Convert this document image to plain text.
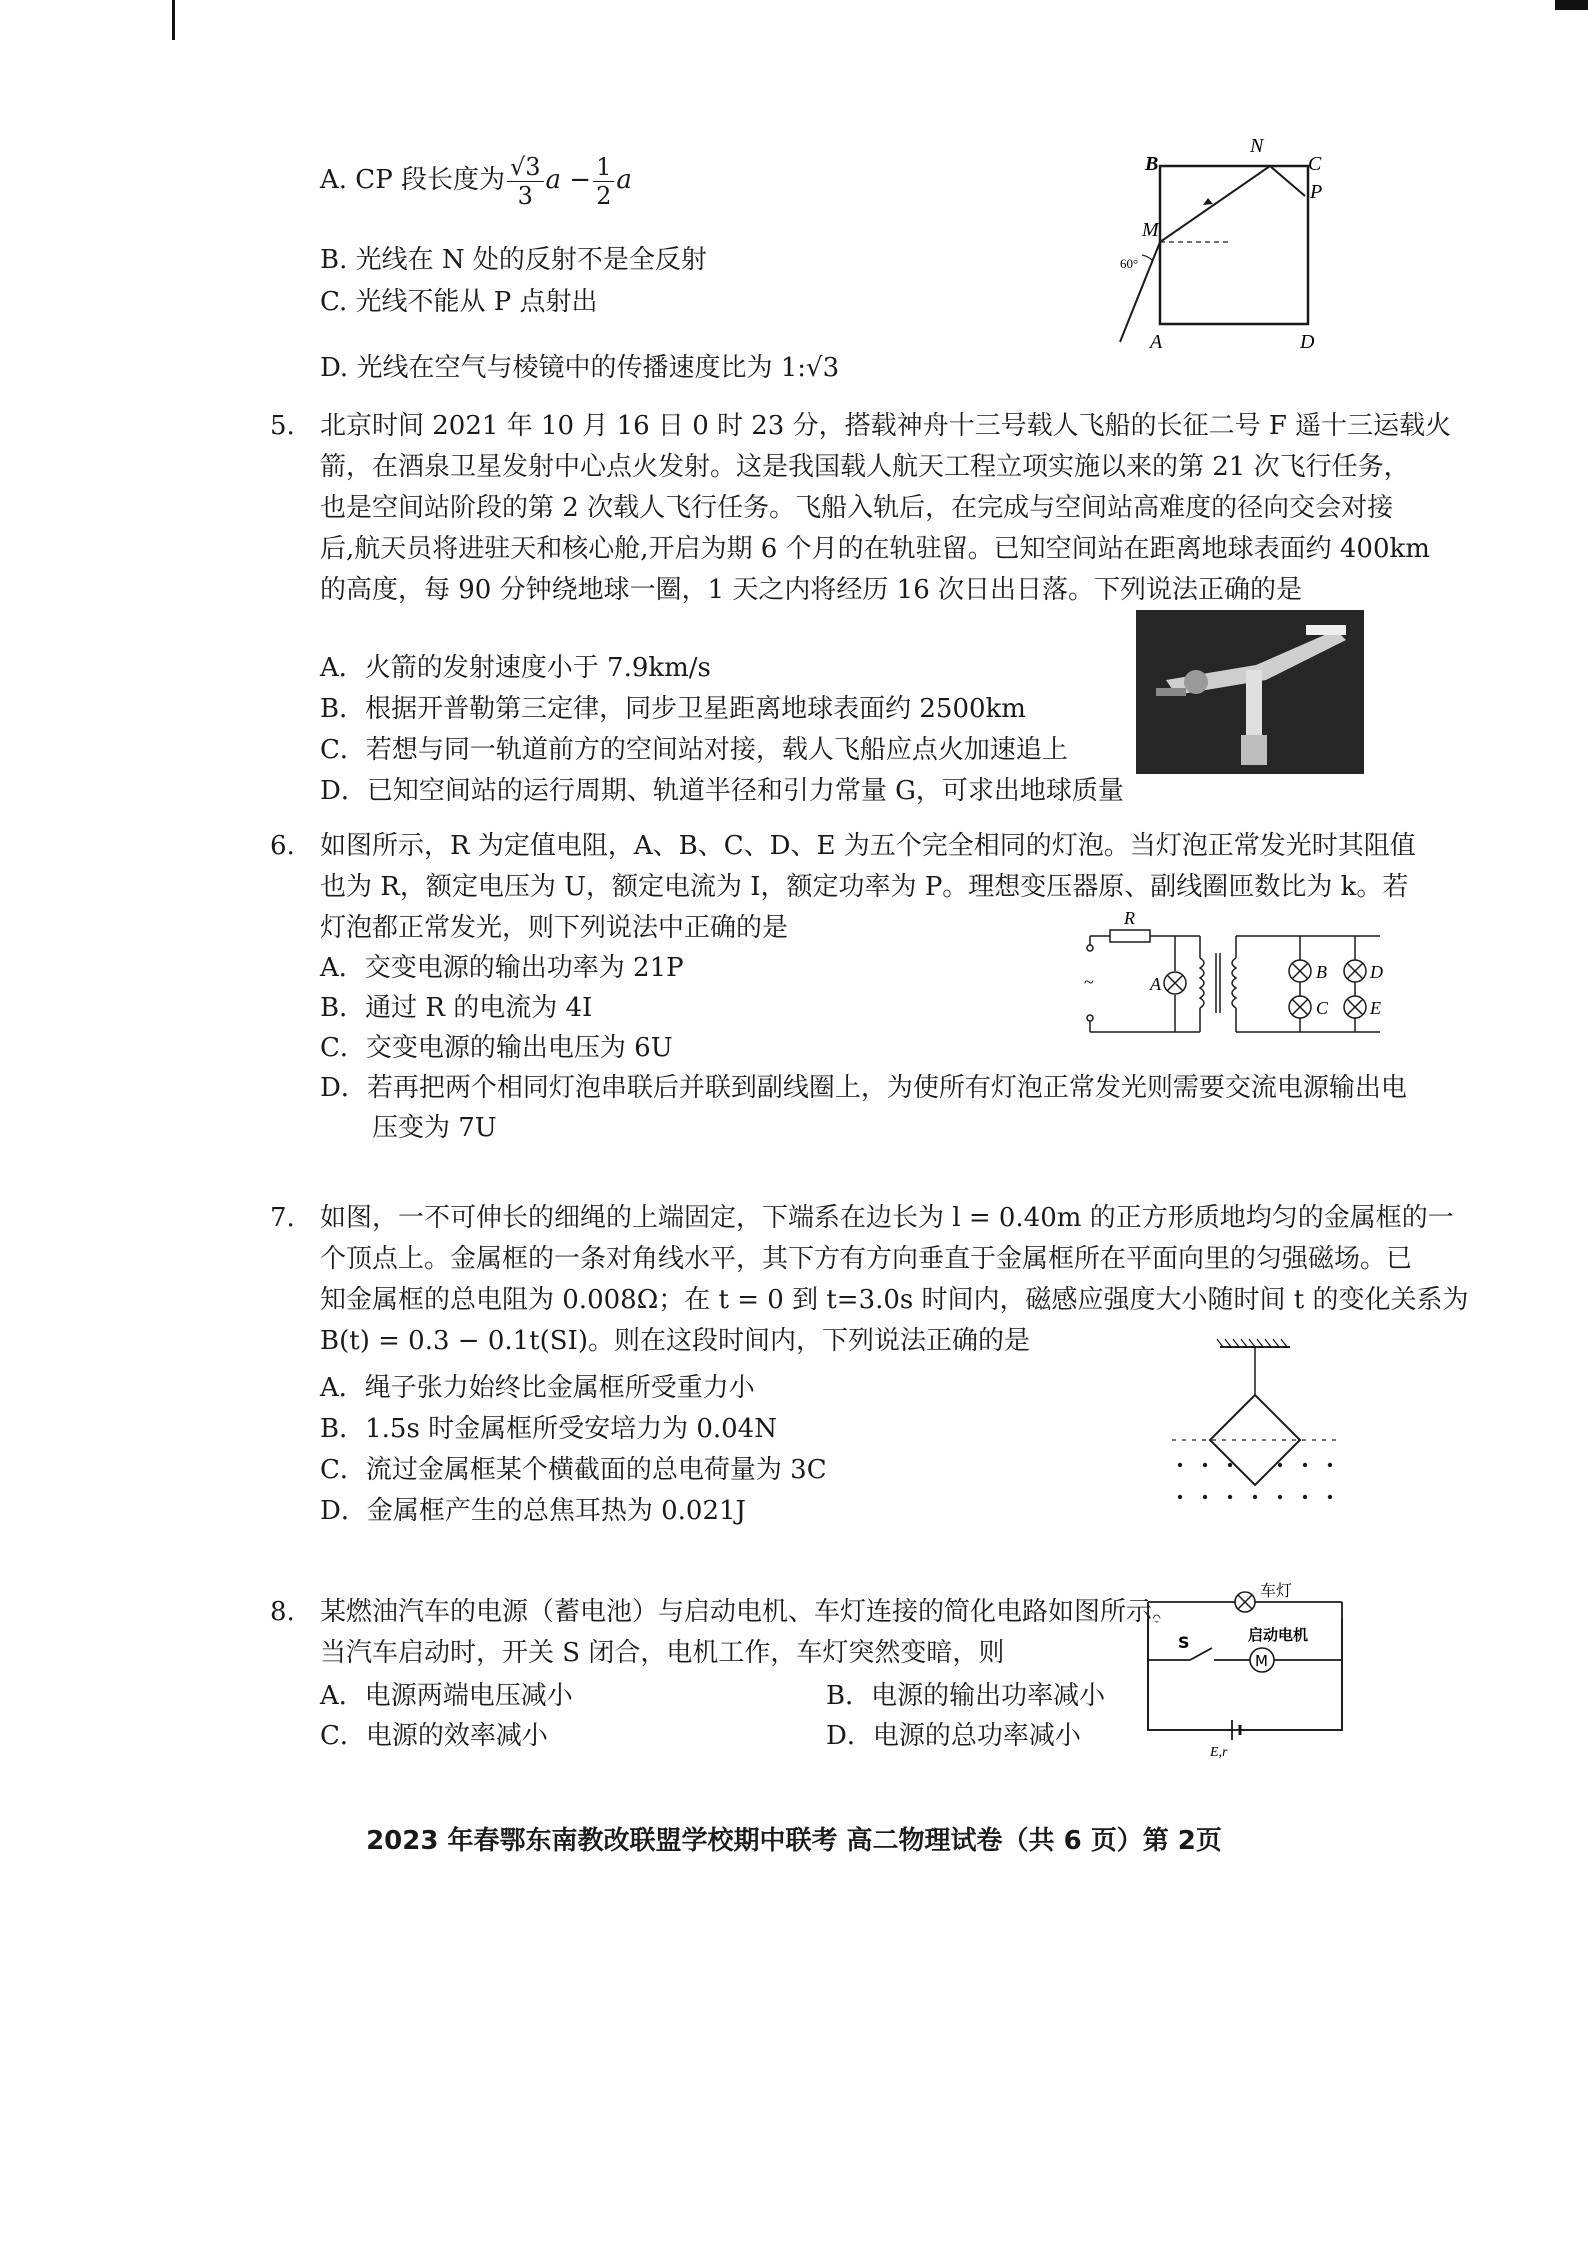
A. CP 段长度为 $\frac{√3}{3}$ $a - \frac{1}{2}$ a
B. 光线在 N 处的反射不是全反射
C. 光线不能从 P 点射出
D. 光线在空气与棱镜中的传播速度比为 1:√3
B
N
C
P
M
60°
A	D
5. 北京时间 2021 年 10 月 16 日 0 时 23 分，搭载神舟十三号载人飞船的长征二号 F 遥十三运载火
箭，在酒泉卫星发射中心点火发射。这是我国载人航天工程立项实施以来的第 21 次飞行任务，
也是空间站阶段的第 2 次载人飞行任务。飞船入轨后，在完成与空间站高难度的径向交会对接
后,航天员将进驻天和核心舱,开启为期 6 个月的在轨驻留。已知空间站在距离地球表面约 400km
的高度，每 90 分钟绕地球一圈，1 天之内将经历 16 次日出日落。下列说法正确的是
A．火箭的发射速度小于 7.9km/s
B．根据开普勒第三定律，同步卫星距离地球表面约 2500km
C．若想与同一轨道前方的空间站对接，载人飞船应点火加速追上
D．已知空间站的运行周期、轨道半径和引力常量 G，可求出地球质量
6. 如图所示，R 为定值电阻，A、B、C、D、E 为五个完全相同的灯泡。当灯泡正常发光时其阻值
也为 R，额定电压为 U，额定电流为 I，额定功率为 P。理想变压器原、副线圈匝数比为 k。若
灯泡都正常发光，则下列说法中正确的是
A．交变电源的输出功率为 21P
B．通过 R 的电流为 4I
C．交变电源的输出电压为 6U
D．若再把两个相同灯泡串联后并联到副线圈上，为使所有灯泡正常发光则需要交流电源输出电
　　压变为 7U
~
R
A
B
C
D
E
7. 如图，一不可伸长的细绳的上端固定，下端系在边长为 l = 0.40m 的正方形质地均匀的金属框的一
个顶点上。金属框的一条对角线水平，其下方有方向垂直于金属框所在平面向里的匀强磁场。已
知金属框的总电阻为 0.008Ω；在 t = 0 到 t=3.0s 时间内，磁感应强度大小随时间 t 的变化关系为
B(t) = 0.3 − 0.1t(SI)。则在这段时间内，下列说法正确的是
A．绳子张力始终比金属框所受重力小
B．1.5s 时金属框所受安培力为 0.04N
C．流过金属框某个横截面的总电荷量为 3C
D．金属框产生的总焦耳热为 0.021J
8. 某燃油汽车的电源（蓄电池）与启动电机、车灯连接的简化电路如图所示。
当汽车启动时，开关 S 闭合，电机工作，车灯突然变暗，则
A．电源两端电压减小	B．电源的输出功率减小
C．电源的效率减小	D．电源的总功率减小
车灯
S
M
启动电机
E,r
2023 年春鄂东南教改联盟学校期中联考 高二物理试卷（共 6 页）第 2页
